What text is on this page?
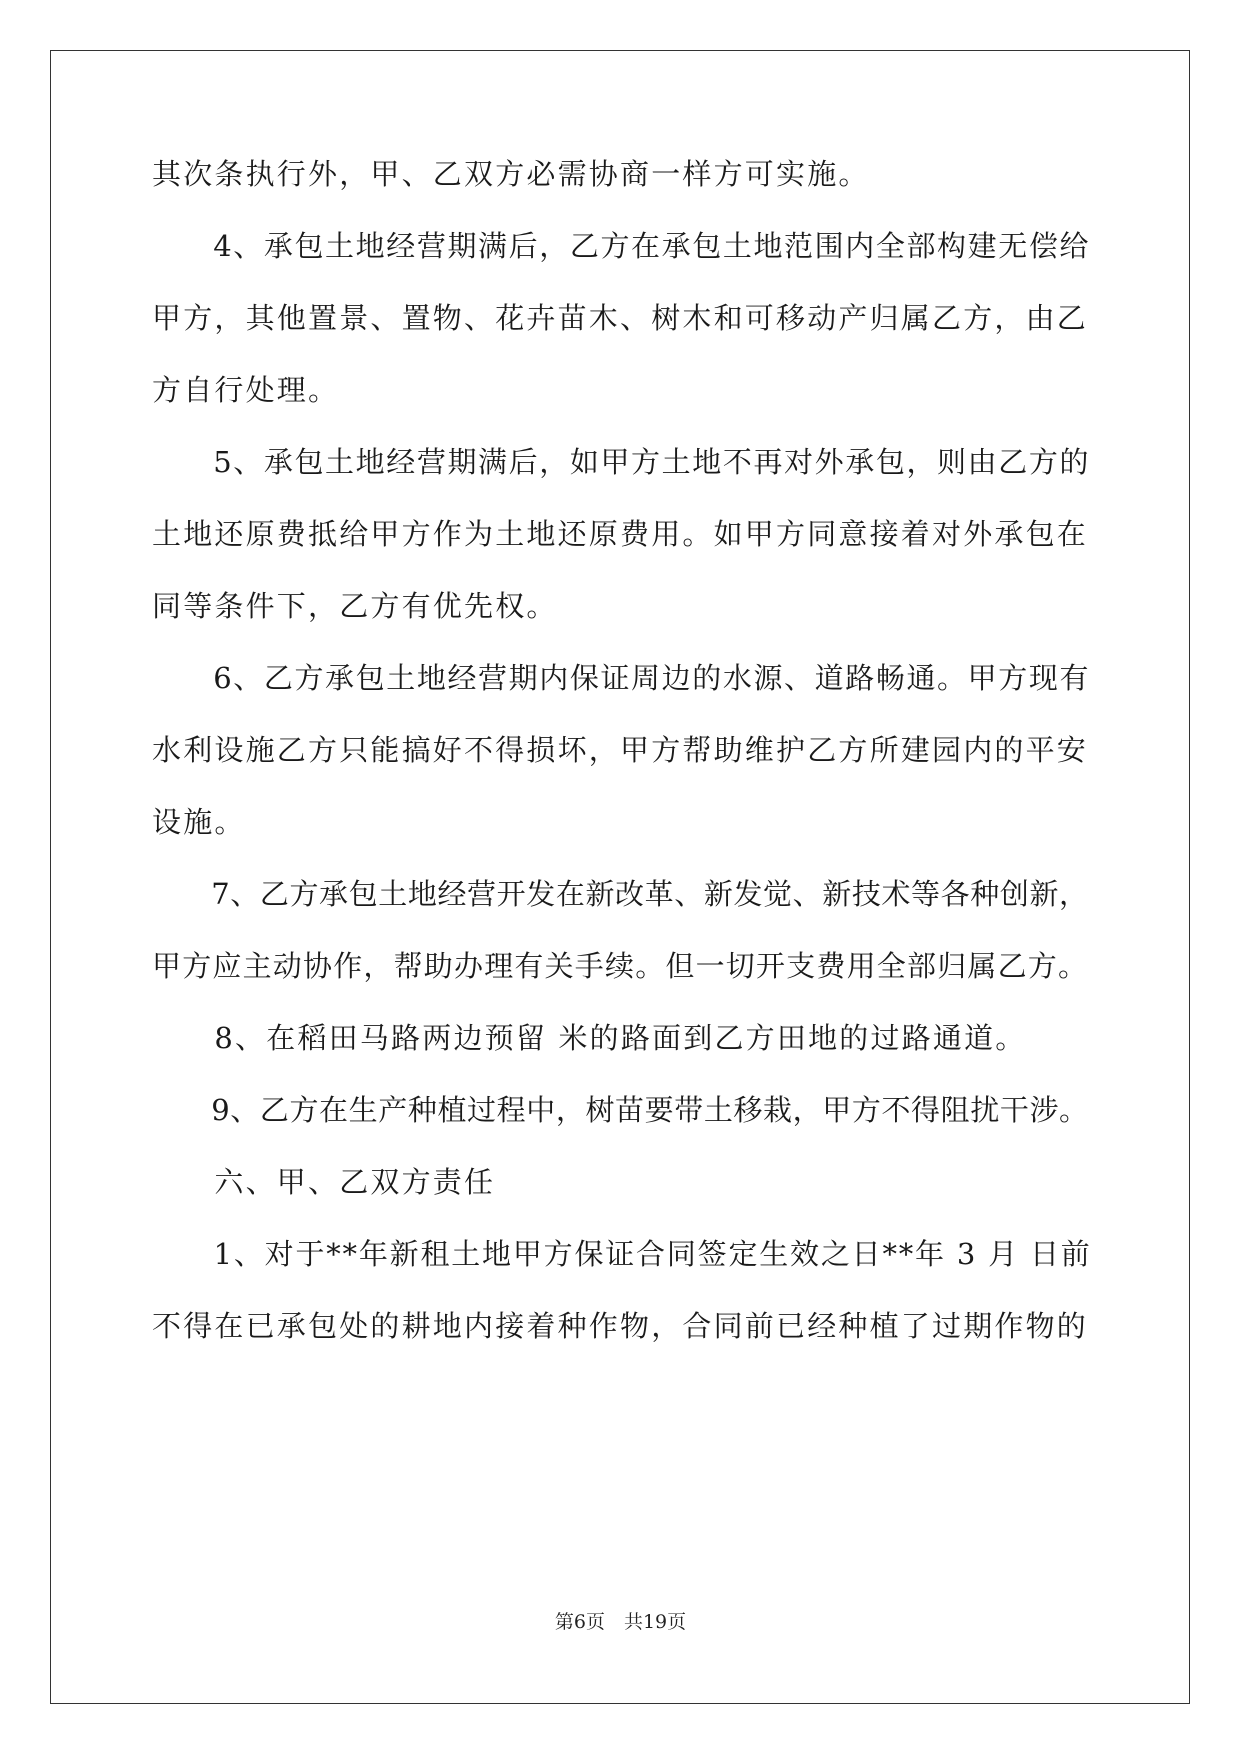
其次条执行外，甲、乙双方必需协商一样方可实施。
　　4、承包土地经营期满后，乙方在承包土地范围内全部构建无偿给
甲方，其他置景、置物、花卉苗木、树木和可移动产归属乙方，由乙
方自行处理。
　　5、承包土地经营期满后，如甲方土地不再对外承包，则由乙方的
土地还原费抵给甲方作为土地还原费用。如甲方同意接着对外承包在
同等条件下，乙方有优先权。
　　6、乙方承包土地经营期内保证周边的水源、道路畅通。甲方现有
水利设施乙方只能搞好不得损坏，甲方帮助维护乙方所建园内的平安
设施。
　　7、乙方承包土地经营开发在新改革、新发觉、新技术等各种创新，
甲方应主动协作，帮助办理有关手续。但一切开支费用全部归属乙方。
　　8、在稻田马路两边预留 米的路面到乙方田地的过路通道。
　　9、乙方在生产种植过程中，树苗要带土移栽，甲方不得阻扰干涉。
　　六、甲、乙双方责任
　　1、对于**年新租土地甲方保证合同签定生效之日**年 3 月 日前
不得在已承包处的耕地内接着种作物，合同前已经种植了过期作物的
第6页　共19页
